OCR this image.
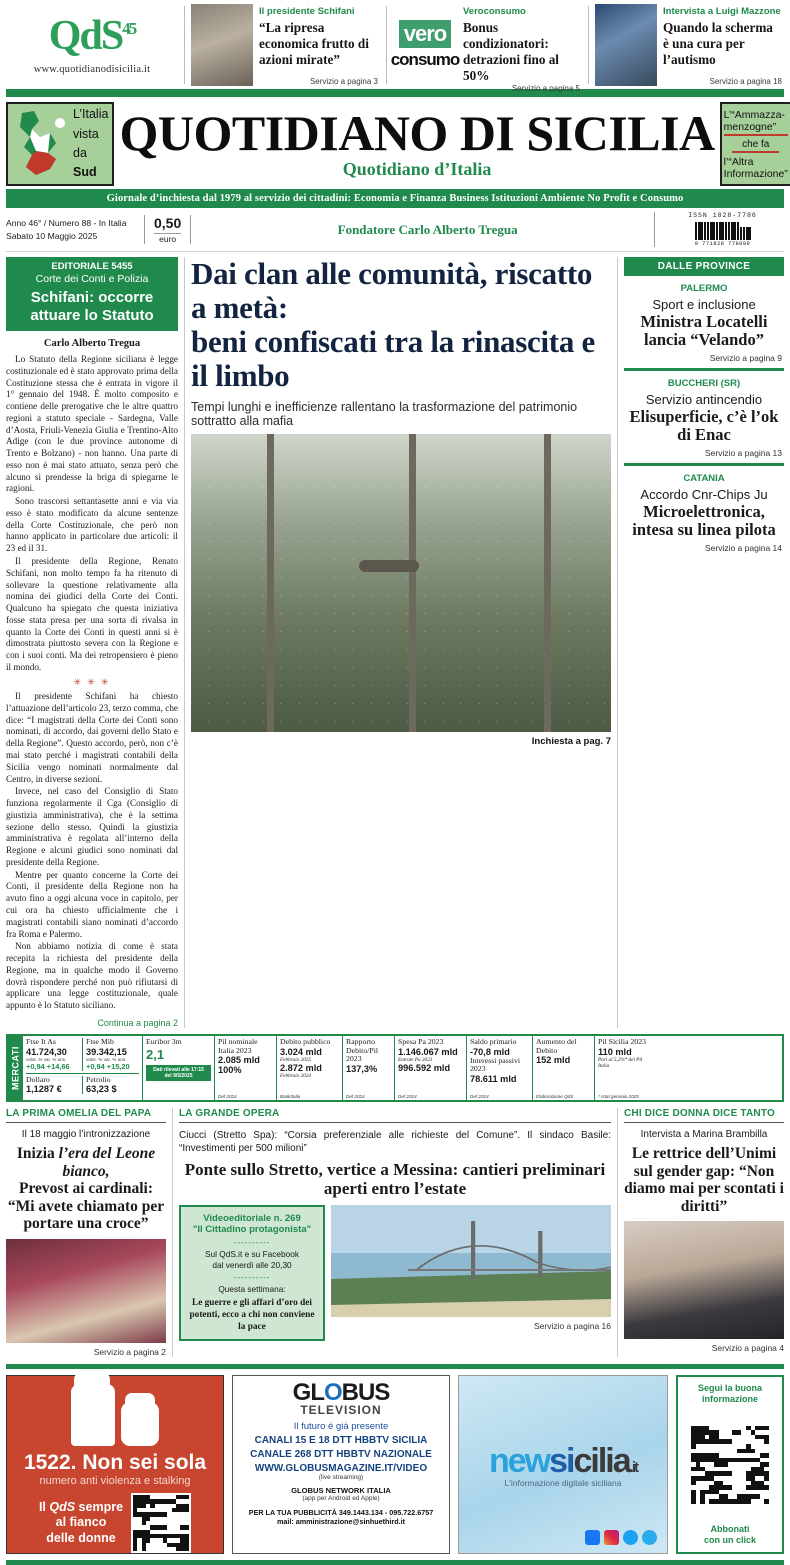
QdS$^{45}$
www.quotidianodisicilia.it
Il presidente Schifani
“La ripresa economica frutto di azioni mirate”
Servizio a pagina 3
vero
consumo
Veroconsumo
Bonus condizionatori: detrazioni fino al 50%
Servizio a pagina 5
Intervista a Luigi Mazzone
Quando la scherma è una cura per l’autismo
Servizio a pagina 18
L’Italia
vista
da Sud
QUOTIDIANO DI SICILIA
Quotidiano d’Italia
L’“Ammazza-menzogne”
che fa
l’“Altra Informazione”
Giornale d’inchiesta dal 1979 al servizio dei cittadini: Economia e Finanza Business Istituzioni Ambiente No Profit e Consumo
Anno 46° / Numero 88 - In Italia
Sabato 10 Maggio 2025
0,50
euro
Fondatore Carlo Alberto Tregua
ISSN 1828-7786
9 771828 778099
EDITORIALE 5455
Corte dei Conti e Polizia
Schifani: occorre attuare lo Statuto
Carlo Alberto Tregua

Lo Statuto della Regione siciliana è legge costituzionale ed è stato approvato prima della Costituzione stessa che è entrata in vigore il 1° gennaio del 1948. È molto composito e contiene delle prerogative che le altre quattro regioni a statuto speciale - Sardegna, Valle d’Aosta, Friuli-Venezia Giulia e Trentino-Alto Adige (con le due province autonome di Trento e Bolzano) - non hanno. Una parte di esso non è mai stato attuato, senza però che alcuno si prendesse la briga di spiegarne le ragioni.

Sono trascorsi settantasette anni e via via esso è stato modificato da alcune sentenze della Corte Costituzionale, che però non hanno applicato in particolare due articoli: il 23 ed il 31.

Il presidente della Regione, Renato Schifani, non molto tempo fa ha ritenuto di sollevare la questione relativamente alla nomina dei giudici della Corte dei Conti. Qualcuno ha spiegato che questa iniziativa fosse stata presa per una sorta di rivalsa in quanto la Corte dei Conti in questi anni si è dimostrata piuttosto severa con la Regione e con i suoi conti. Ma dei retropensiero è pieno il mondo.

✳ ✳ ✳

Il presidente Schifani ha chiesto l’attuazione dell’articolo 23, terzo comma, che dice: “I magistrati della Corte dei Conti sono nominati, di accordo, dai governi dello Stato e della Regione”. Questo accordo, però, non c’è mai stato perché i magistrati contabili della Sicilia vengo nominati normalmente dal Centro, in diverse sezioni.

Invece, nel caso del Consiglio di Stato funziona regolarmente il Cga (Consiglio di giustizia amministrativa), che è la settima sezione dello stesso. Quindi la giustizia amministrativa è regolata all’interno della Regione e alcuni giudici sono nominati dal presidente della Regione.

Mentre per quanto concerne la Corte dei Conti, il presidente della Regione non ha avuto fino a oggi alcuna voce in capitolo, per cui ora ha chiesto ufficialmente che i magistrati contabili siano nominati d’accordo fra Roma e Palermo.

Non abbiamo notizia di come è stata recepita la richiesta del presidente della Regione, ma in qualche modo il Governo dovrà rispondere perché non può rifiutarsi di applicare una legge costituzionale, quale appunto è lo Statuto siciliano.

Continua a pagina 2
Dai clan alle comunità, riscatto a metà:
beni confiscati tra la rinascita e il limbo
Tempi lunghi e inefficienze rallentano la trasformazione del patrimonio sottratto alla mafia
Inchiesta a pag. 7
DALLE PROVINCE
PALERMO
Sport e inclusione
Ministra Locatelli lancia “Velando”
Servizio a pagina 9
BUCCHERI (SR)
Servizio antincendio
Elisuperficie, c’è l’ok di Enac
Servizio a pagina 13
CATANIA
Accordo Cnr-Chips Ju
Microelettronica, intesa su linea pilota
Servizio a pagina 14
MERCATI
Ftse It As
41.724,30
valor. % var. % ann.
+0,94 +14,66
Ftse Mib
39.342,15
valor. % var. % ann.
+0,94 +15,20
Dollaro
1,1287 €
Petrolio
63,23 $
Euribor 3m
2,1
Dati rilevati alle 17:15
del 9/5/2025
Pil nominale Italia 2023
2.085 mld
100%
Def 2024
Debito pubblico
3.024 mld
Febbraio 2025
2.872 mld
Febbraio 2024
BankItalia
Rapporto Debito/Pil 2023
137,3%
Def 2024
Spesa Pa 2023
1.146.067 mld
Entrate Pa 2023
996.592 mld
Def 2024
Saldo primario
-70,8 mld
Interessi passivi 2023
78.611 mld
Def 2024
Aumento del Debito
152 mld
Elaborazione QdS
Pil Sicilia 2023
110 mld
Pari al 5,2%* del Pil Italia
* Istat gennaio 2025
LA PRIMA OMELIA DEL PAPA
Il 18 maggio l’intronizzazione
Inizia l’era del Leone bianco,
Prevost ai cardinali: “Mi avete chiamato per portare una croce”
Servizio a pagina 2
LA GRANDE OPERA
Ciucci (Stretto Spa): “Corsia preferenziale alle richieste del Comune”. Il sindaco Basile: “Investimenti per 500 milioni”
Ponte sullo Stretto, vertice a Messina: cantieri preliminari aperti entro l’estate
Videoeditoriale n. 269
"Il Cittadino protagonista"
----------
Sul QdS.it e su Facebook
dal venerdì alle 20,30
----------
Questa settimana:
Le guerre e gli affari d’oro dei potenti, ecco a chi non conviene la pace	Servizio a pagina 16
CHI DICE DONNA DICE TANTO
Intervista a Marina Brambilla
Le rettrice dell’Unimi sul gender gap: “Non diamo mai per scontati i diritti”
Servizio a pagina 4
1522. Non sei sola
numero anti violenza e stalking
Il QdS sempre
al fianco
delle donne
GLOBUS
TELEVISION
Il futuro é già presente
CANALI 15 E 18 DTT HBBTV SICILIA
CANALE 268 DTT HBBTV NAZIONALE
WWW.GLOBUSMAGAZINE.IT/VIDEO
(live streaming)
GLOBUS NETWORK ITALIA
(app per Android ed Apple)
PER LA TUA PUBBLICITÀ 349.1443.134 - 095.722.6757
mail: amministrazione@sinhuethird.it
newsicilia.it
L'informazione digitale siciliana
Segui la buona informazione
Abbonati
con un click
